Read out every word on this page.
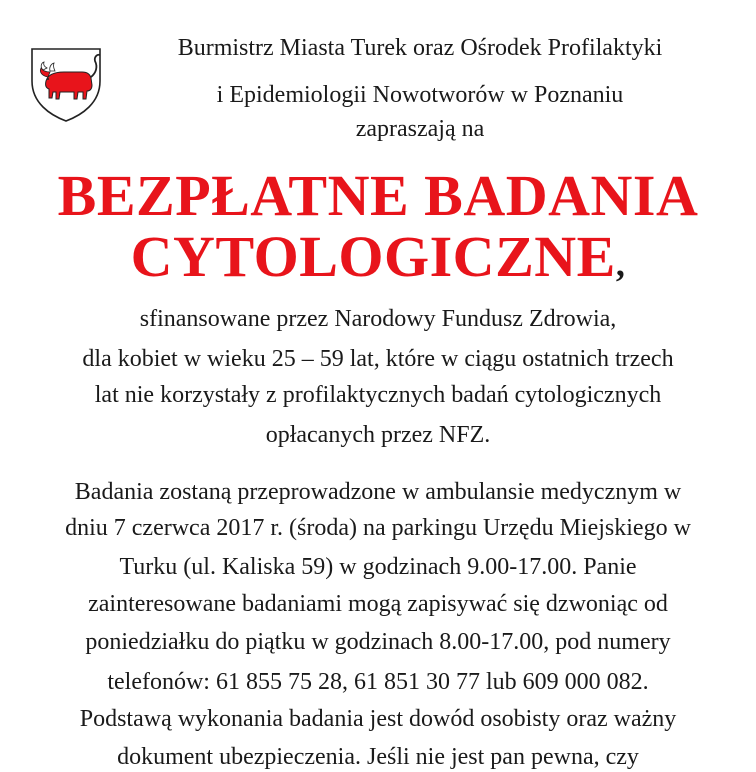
Burmistrz Miasta Turek oraz Ośrodek Profilaktyki
i Epidemiologii Nowotworów w Poznaniu
zapraszają na
BEZPŁATNE BADANIA
CYTOLOGICZNE,
sfinansowane przez Narodowy Fundusz Zdrowia,
dla kobiet w wieku 25 – 59 lat, które w ciągu ostatnich trzech
lat nie korzystały z profilaktycznych badań cytologicznych
opłacanych przez NFZ.
Badania zostaną przeprowadzone w ambulansie medycznym w
dniu 7 czerwca 2017 r. (środa) na parkingu Urzędu Miejskiego w
Turku (ul. Kaliska 59) w godzinach 9.00-17.00. Panie
zainteresowane badaniami mogą zapisywać się dzwoniąc od
poniedziałku do piątku w godzinach 8.00-17.00, pod numery
telefonów: 61 855 75 28, 61 851 30 77 lub 609 000 082.
Podstawą wykonania badania jest dowód osobisty oraz ważny
dokument ubezpieczenia. Jeśli nie jest pan pewna, czy
